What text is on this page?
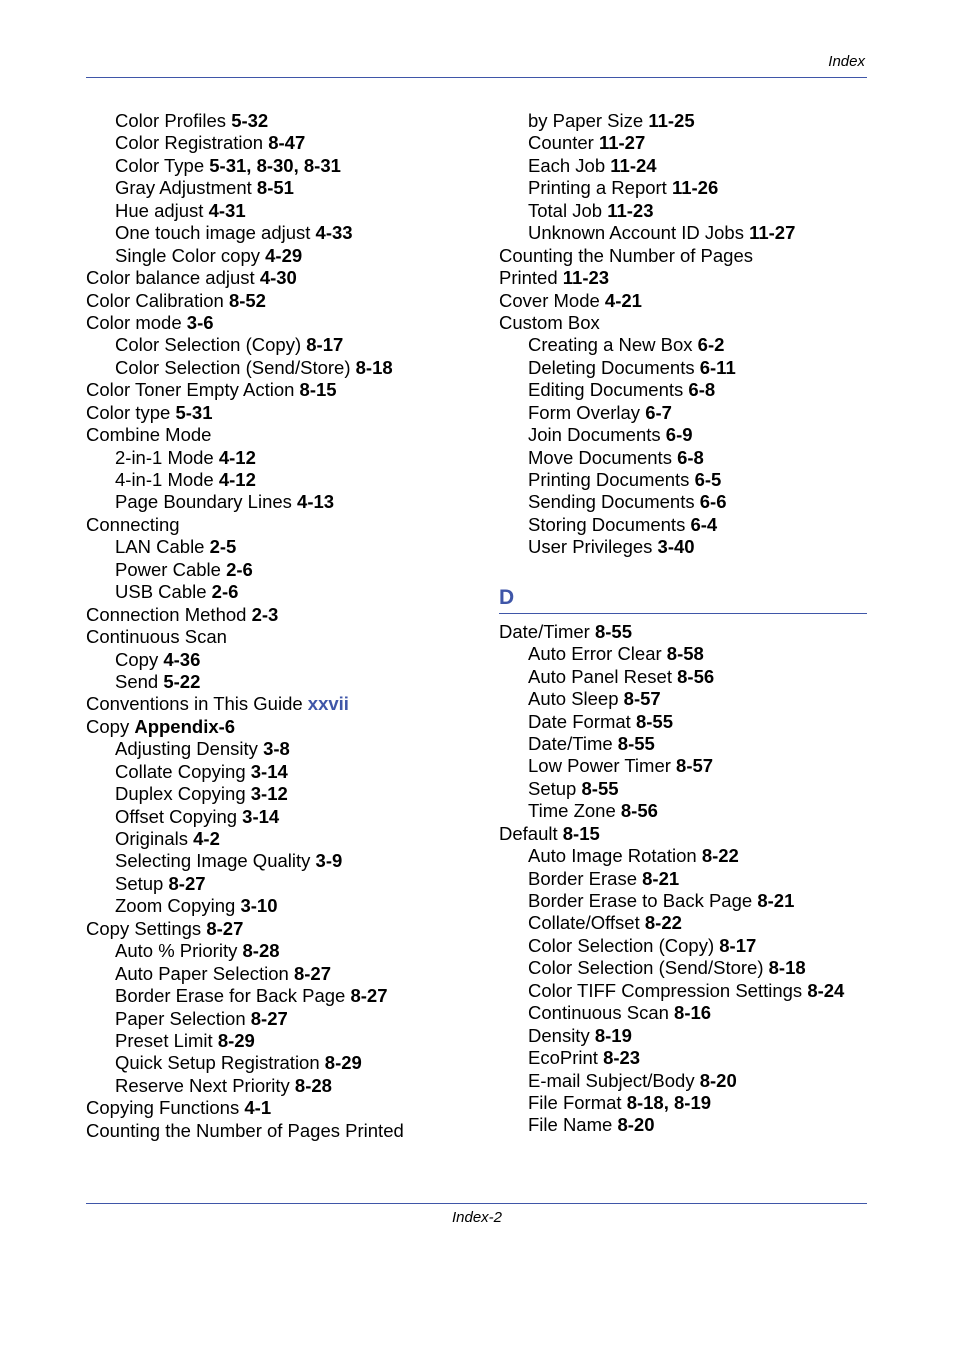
Index
Color Profiles 5-32
Color Registration 8-47
Color Type 5-31, 8-30, 8-31
Gray Adjustment 8-51
Hue adjust 4-31
One touch image adjust 4-33
Single Color copy 4-29
Color balance adjust 4-30
Color Calibration 8-52
Color mode 3-6
Color Selection (Copy) 8-17
Color Selection (Send/Store) 8-18
Color Toner Empty Action 8-15
Color type 5-31
Combine Mode
2-in-1 Mode 4-12
4-in-1 Mode 4-12
Page Boundary Lines 4-13
Connecting
LAN Cable 2-5
Power Cable 2-6
USB Cable 2-6
Connection Method 2-3
Continuous Scan
Copy 4-36
Send 5-22
Conventions in This Guide xxvii
Copy Appendix-6
Adjusting Density 3-8
Collate Copying 3-14
Duplex Copying 3-12
Offset Copying 3-14
Originals 4-2
Selecting Image Quality 3-9
Setup 8-27
Zoom Copying 3-10
Copy Settings 8-27
Auto % Priority 8-28
Auto Paper Selection 8-27
Border Erase for Back Page 8-27
Paper Selection 8-27
Preset Limit 8-29
Quick Setup Registration 8-29
Reserve Next Priority 8-28
Copying Functions 4-1
Counting the Number of Pages Printed
by Paper Size 11-25
Counter 11-27
Each Job 11-24
Printing a Report 11-26
Total Job 11-23
Unknown Account ID Jobs 11-27
Counting the Number of Pages
Printed 11-23
Cover Mode 4-21
Custom Box
Creating a New Box 6-2
Deleting Documents 6-11
Editing Documents 6-8
Form Overlay 6-7
Join Documents 6-9
Move Documents 6-8
Printing Documents 6-5
Sending Documents 6-6
Storing Documents 6-4
User Privileges 3-40
D
Date/Timer 8-55
Auto Error Clear 8-58
Auto Panel Reset 8-56
Auto Sleep 8-57
Date Format 8-55
Date/Time 8-55
Low Power Timer 8-57
Setup 8-55
Time Zone 8-56
Default 8-15
Auto Image Rotation 8-22
Border Erase 8-21
Border Erase to Back Page 8-21
Collate/Offset 8-22
Color Selection (Copy) 8-17
Color Selection (Send/Store) 8-18
Color TIFF Compression Settings 8-24
Continuous Scan 8-16
Density 8-19
EcoPrint 8-23
E-mail Subject/Body 8-20
File Format 8-18, 8-19
File Name 8-20
Index-2
